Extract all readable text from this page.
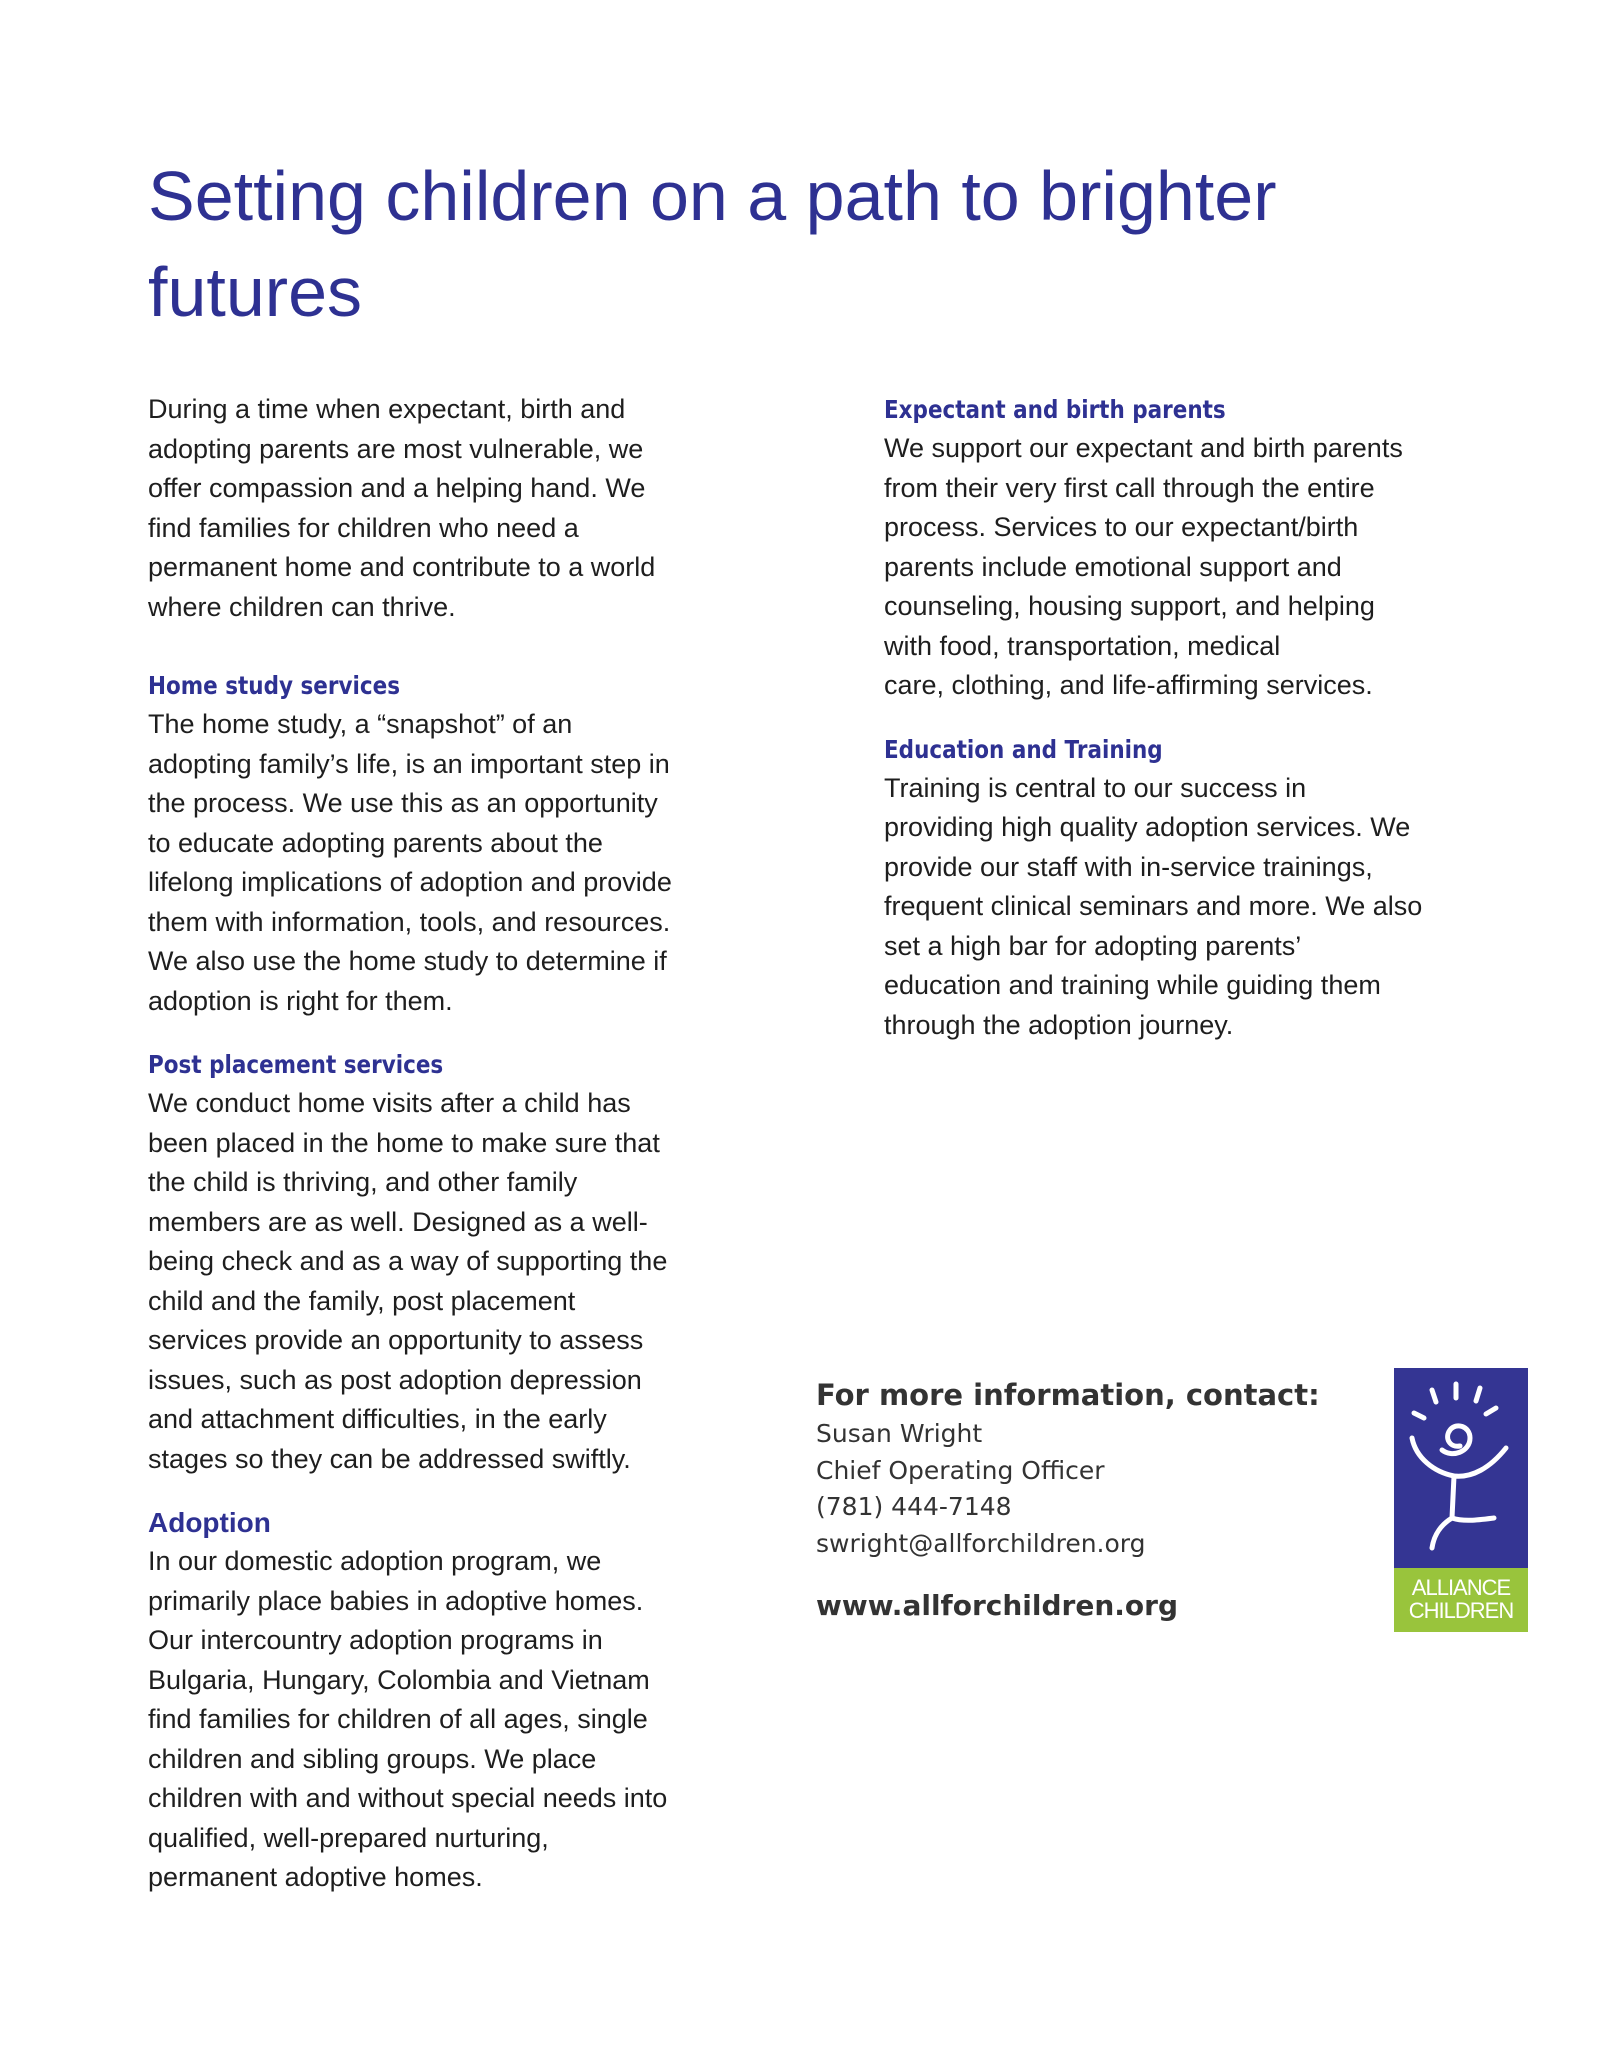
Setting children on a path to brighter futures

During a time when expectant, birth and
adopting parents are most vulnerable, we
offer compassion and a helping hand. We
find families for children who need a
permanent home and contribute to a world
where children can thrive.

Home study services

The home study, a “snapshot” of an
adopting family’s life, is an important step in
the process. We use this as an opportunity
to educate adopting parents about the
lifelong implications of adoption and provide
them with information, tools, and resources.
We also use the home study to determine if
adoption is right for them.

Post placement services

We conduct home visits after a child has
been placed in the home to make sure that
the child is thriving, and other family
members are as well. Designed as a well-
being check and as a way of supporting the
child and the family, post placement
services provide an opportunity to assess
issues, such as post adoption depression
and attachment difficulties, in the early
stages so they can be addressed swiftly.

Adoption

In our domestic adoption program, we
primarily place babies in adoptive homes.
Our intercountry adoption programs in
Bulgaria, Hungary, Colombia and Vietnam
find families for children of all ages, single
children and sibling groups. We place
children with and without special needs into
qualified, well-prepared nurturing,
permanent adoptive homes.

Expectant and birth parents

We support our expectant and birth parents
from their very first call through the entire
process. Services to our expectant/birth
parents include emotional support and
counseling, housing support, and helping
with food, transportation, medical
care, clothing, and life-affirming services.

Education and Training

Training is central to our success in
providing high quality adoption services. We
provide our staff with in-service trainings,
frequent clinical seminars and more. We also
set a high bar for adopting parents’
education and training while guiding them
through the adoption journey.

For more information, contact:

Susan Wright

Chief Operating Officer

(781) 444-7148

swright@allforchildren.org

www.allforchildren.org

ALLIANCE
CHILDREN
